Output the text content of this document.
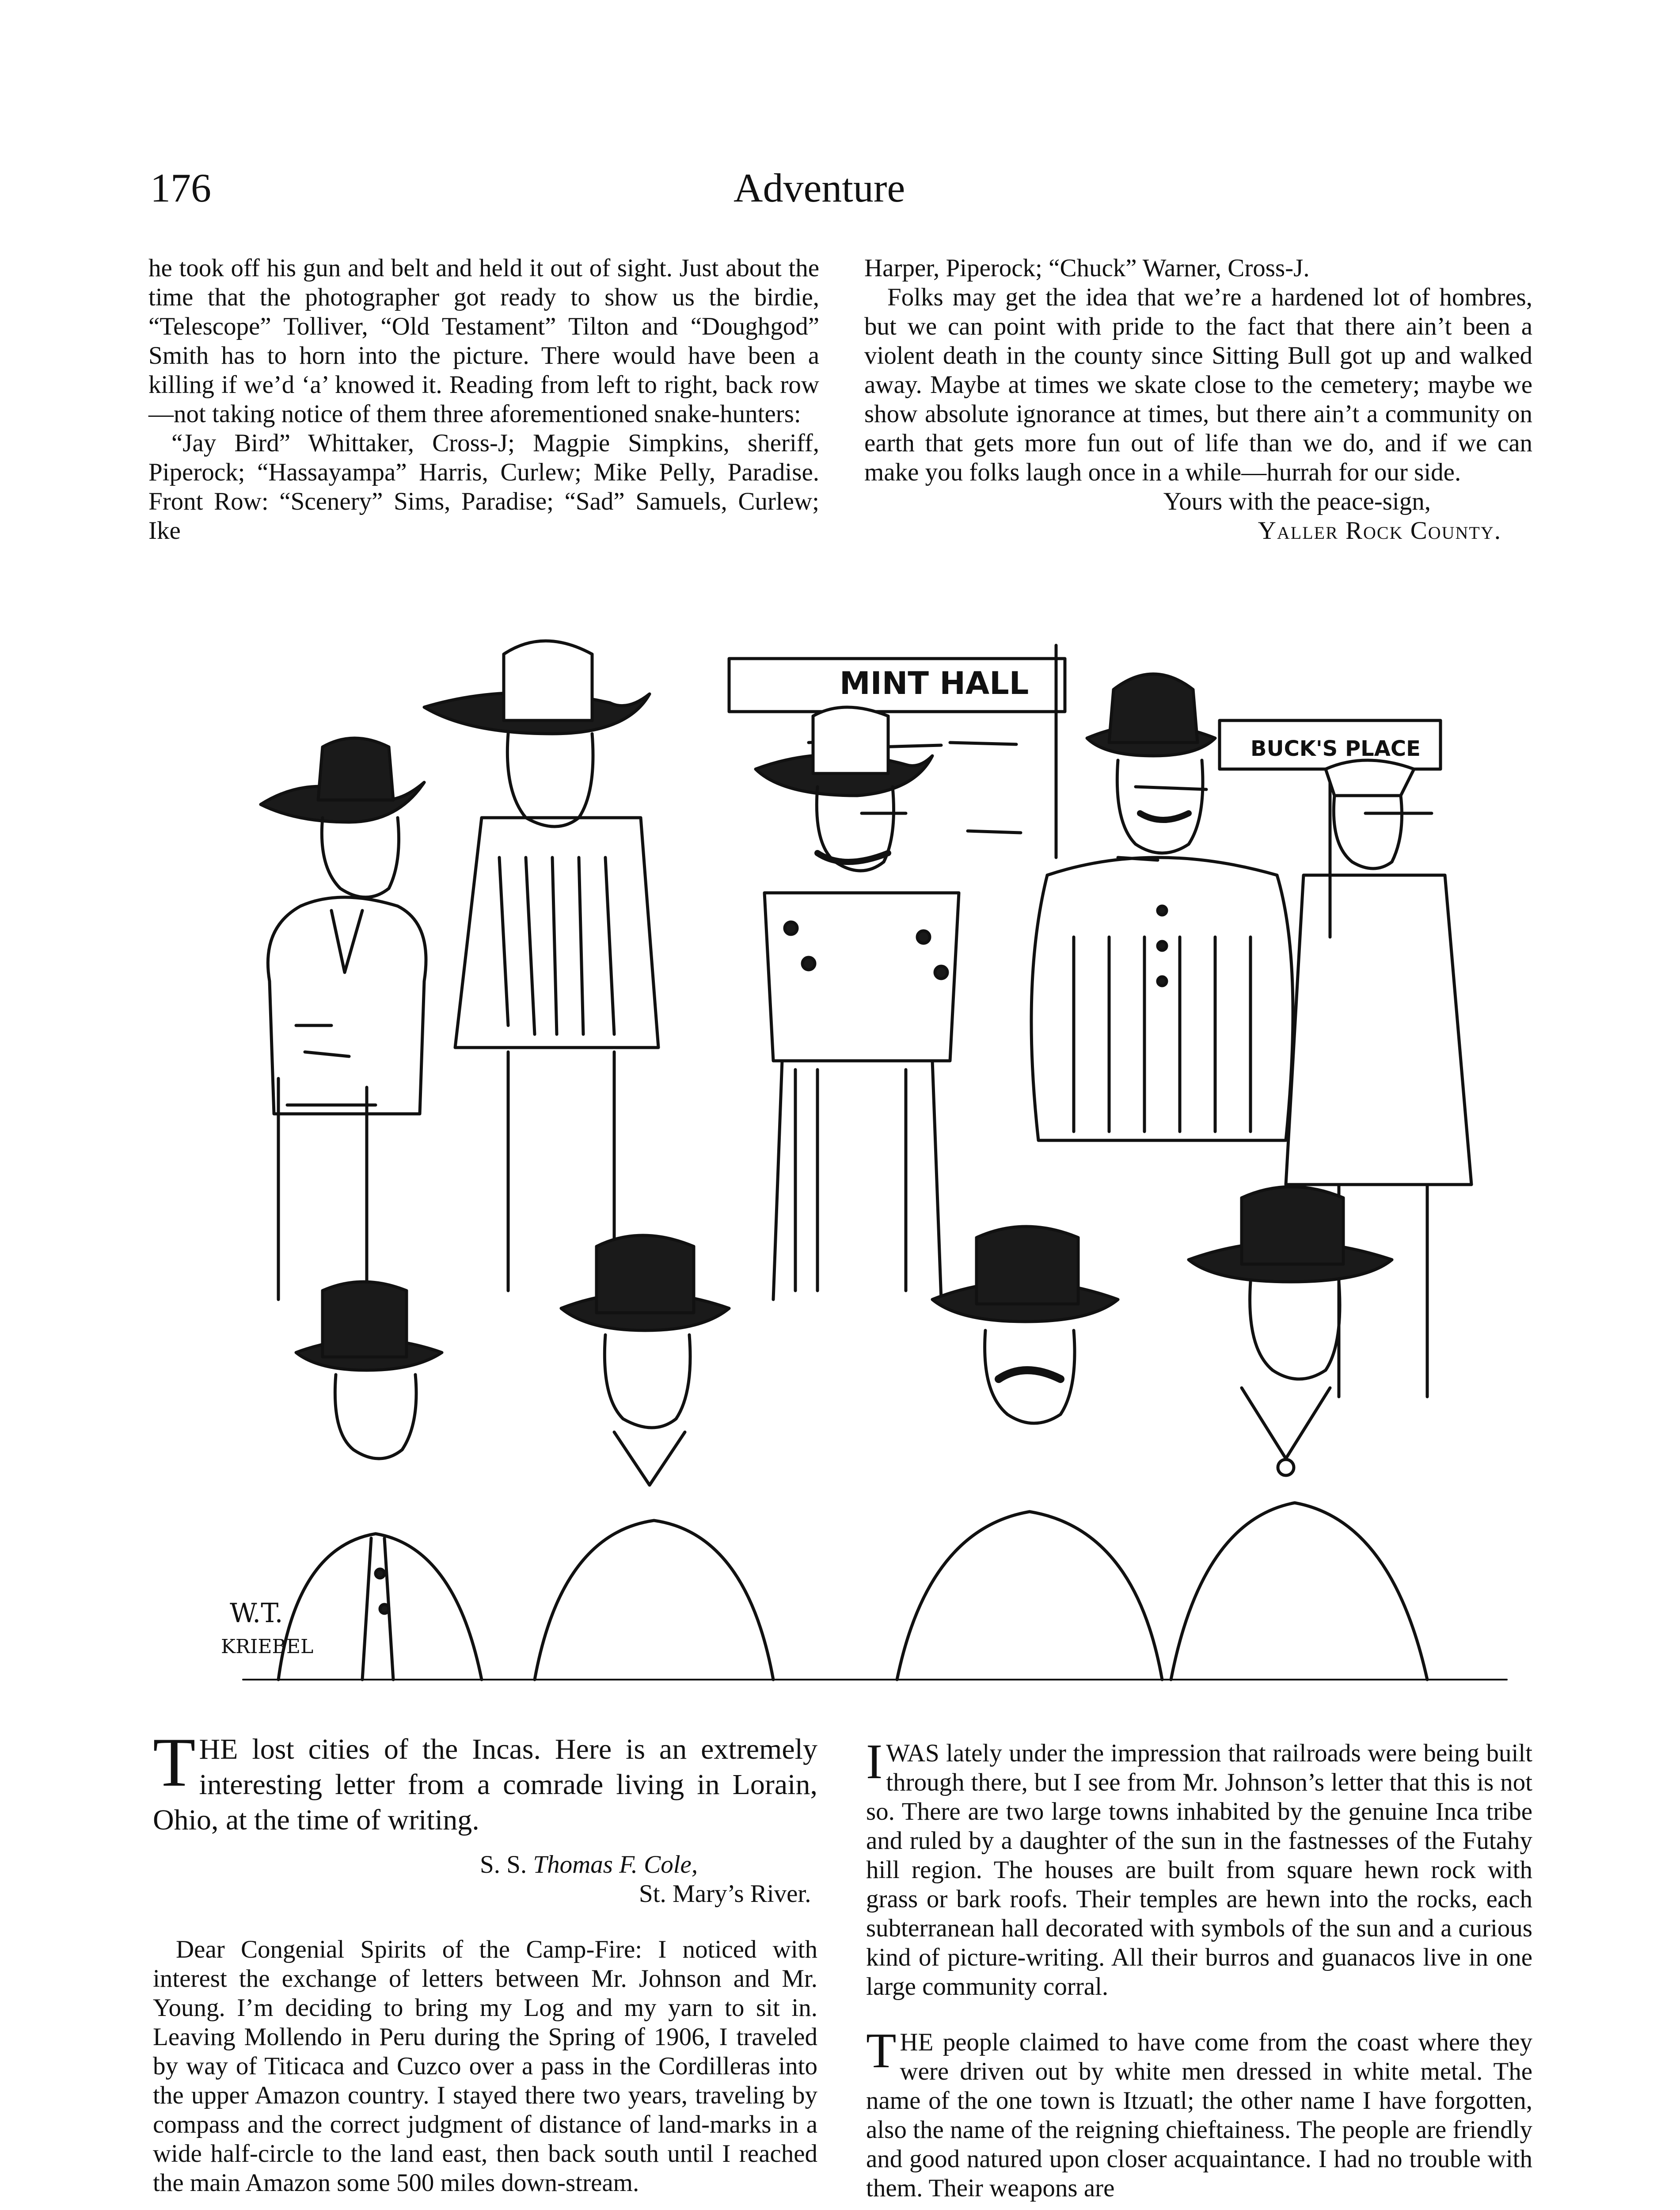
176	Adventure

he took off his gun and belt and held it out of sight. Just about the time that the photographer got ready to show us the birdie, “Telescope” Tolliver, “Old Testament” Tilton and “Doughgod” Smith has to horn into the picture. There would have been a killing if we’d ‘a’ knowed it. Reading from left to right, back row—not taking notice of them three aforementioned snake-hunters:

“Jay Bird” Whittaker, Cross-J; Magpie Simpkins, sheriff, Piperock; “Hassayampa” Harris, Curlew; Mike Pelly, Paradise. Front Row: “Scenery” Sims, Paradise; “Sad” Samuels, Curlew; Ike

Harper, Piperock; “Chuck” Warner, Cross-J.

Folks may get the idea that we’re a hardened lot of hombres, but we can point with pride to the fact that there ain’t been a violent death in the county since Sitting Bull got up and walked away. Maybe at times we skate close to the cemetery; maybe we show absolute ignorance at times, but there ain’t a community on earth that gets more fun out of life than we do, and if we can make you folks laugh once in a while—hurrah for our side.

Yours with the peace-sign,

Yaller Rock County.

W.T.
KRIEBEL
MINT HALL
BUCK'S PLACE

THE lost cities of the Incas. Here is an extremely interesting letter from a comrade living in Lorain, Ohio, at the time of writing.

S. S. Thomas F. Cole,
St. Mary’s River.

Dear Congenial Spirits of the Camp-Fire: I noticed with interest the exchange of letters between Mr. Johnson and Mr. Young. I’m deciding to bring my Log and my yarn to sit in. Leaving Mollendo in Peru during the Spring of 1906, I traveled by way of Titicaca and Cuzco over a pass in the Cordilleras into the upper Amazon country. I stayed there two years, traveling by compass and the correct judgment of distance of land-marks in a wide half-circle to the land east, then back south until I reached the main Amazon some 500 miles down-stream.

I WAS lately under the impression that railroads were being built through there, but I see from Mr. Johnson’s letter that this is not so. There are two large towns inhabited by the genuine Inca tribe and ruled by a daughter of the sun in the fastnesses of the Futahy hill region. The houses are built from square hewn rock with grass or bark roofs. Their temples are hewn into the rocks, each subterranean hall decorated with symbols of the sun and a curious kind of picture-writing. All their burros and guanacos live in one large community corral.

THE people claimed to have come from the coast where they were driven out by white men dressed in white metal. The name of the one town is Itzuatl; the other name I have forgotten, also the name of the reigning chieftainess. The people are friendly and good natured upon closer acquaintance. I had no trouble with them. Their weapons are
